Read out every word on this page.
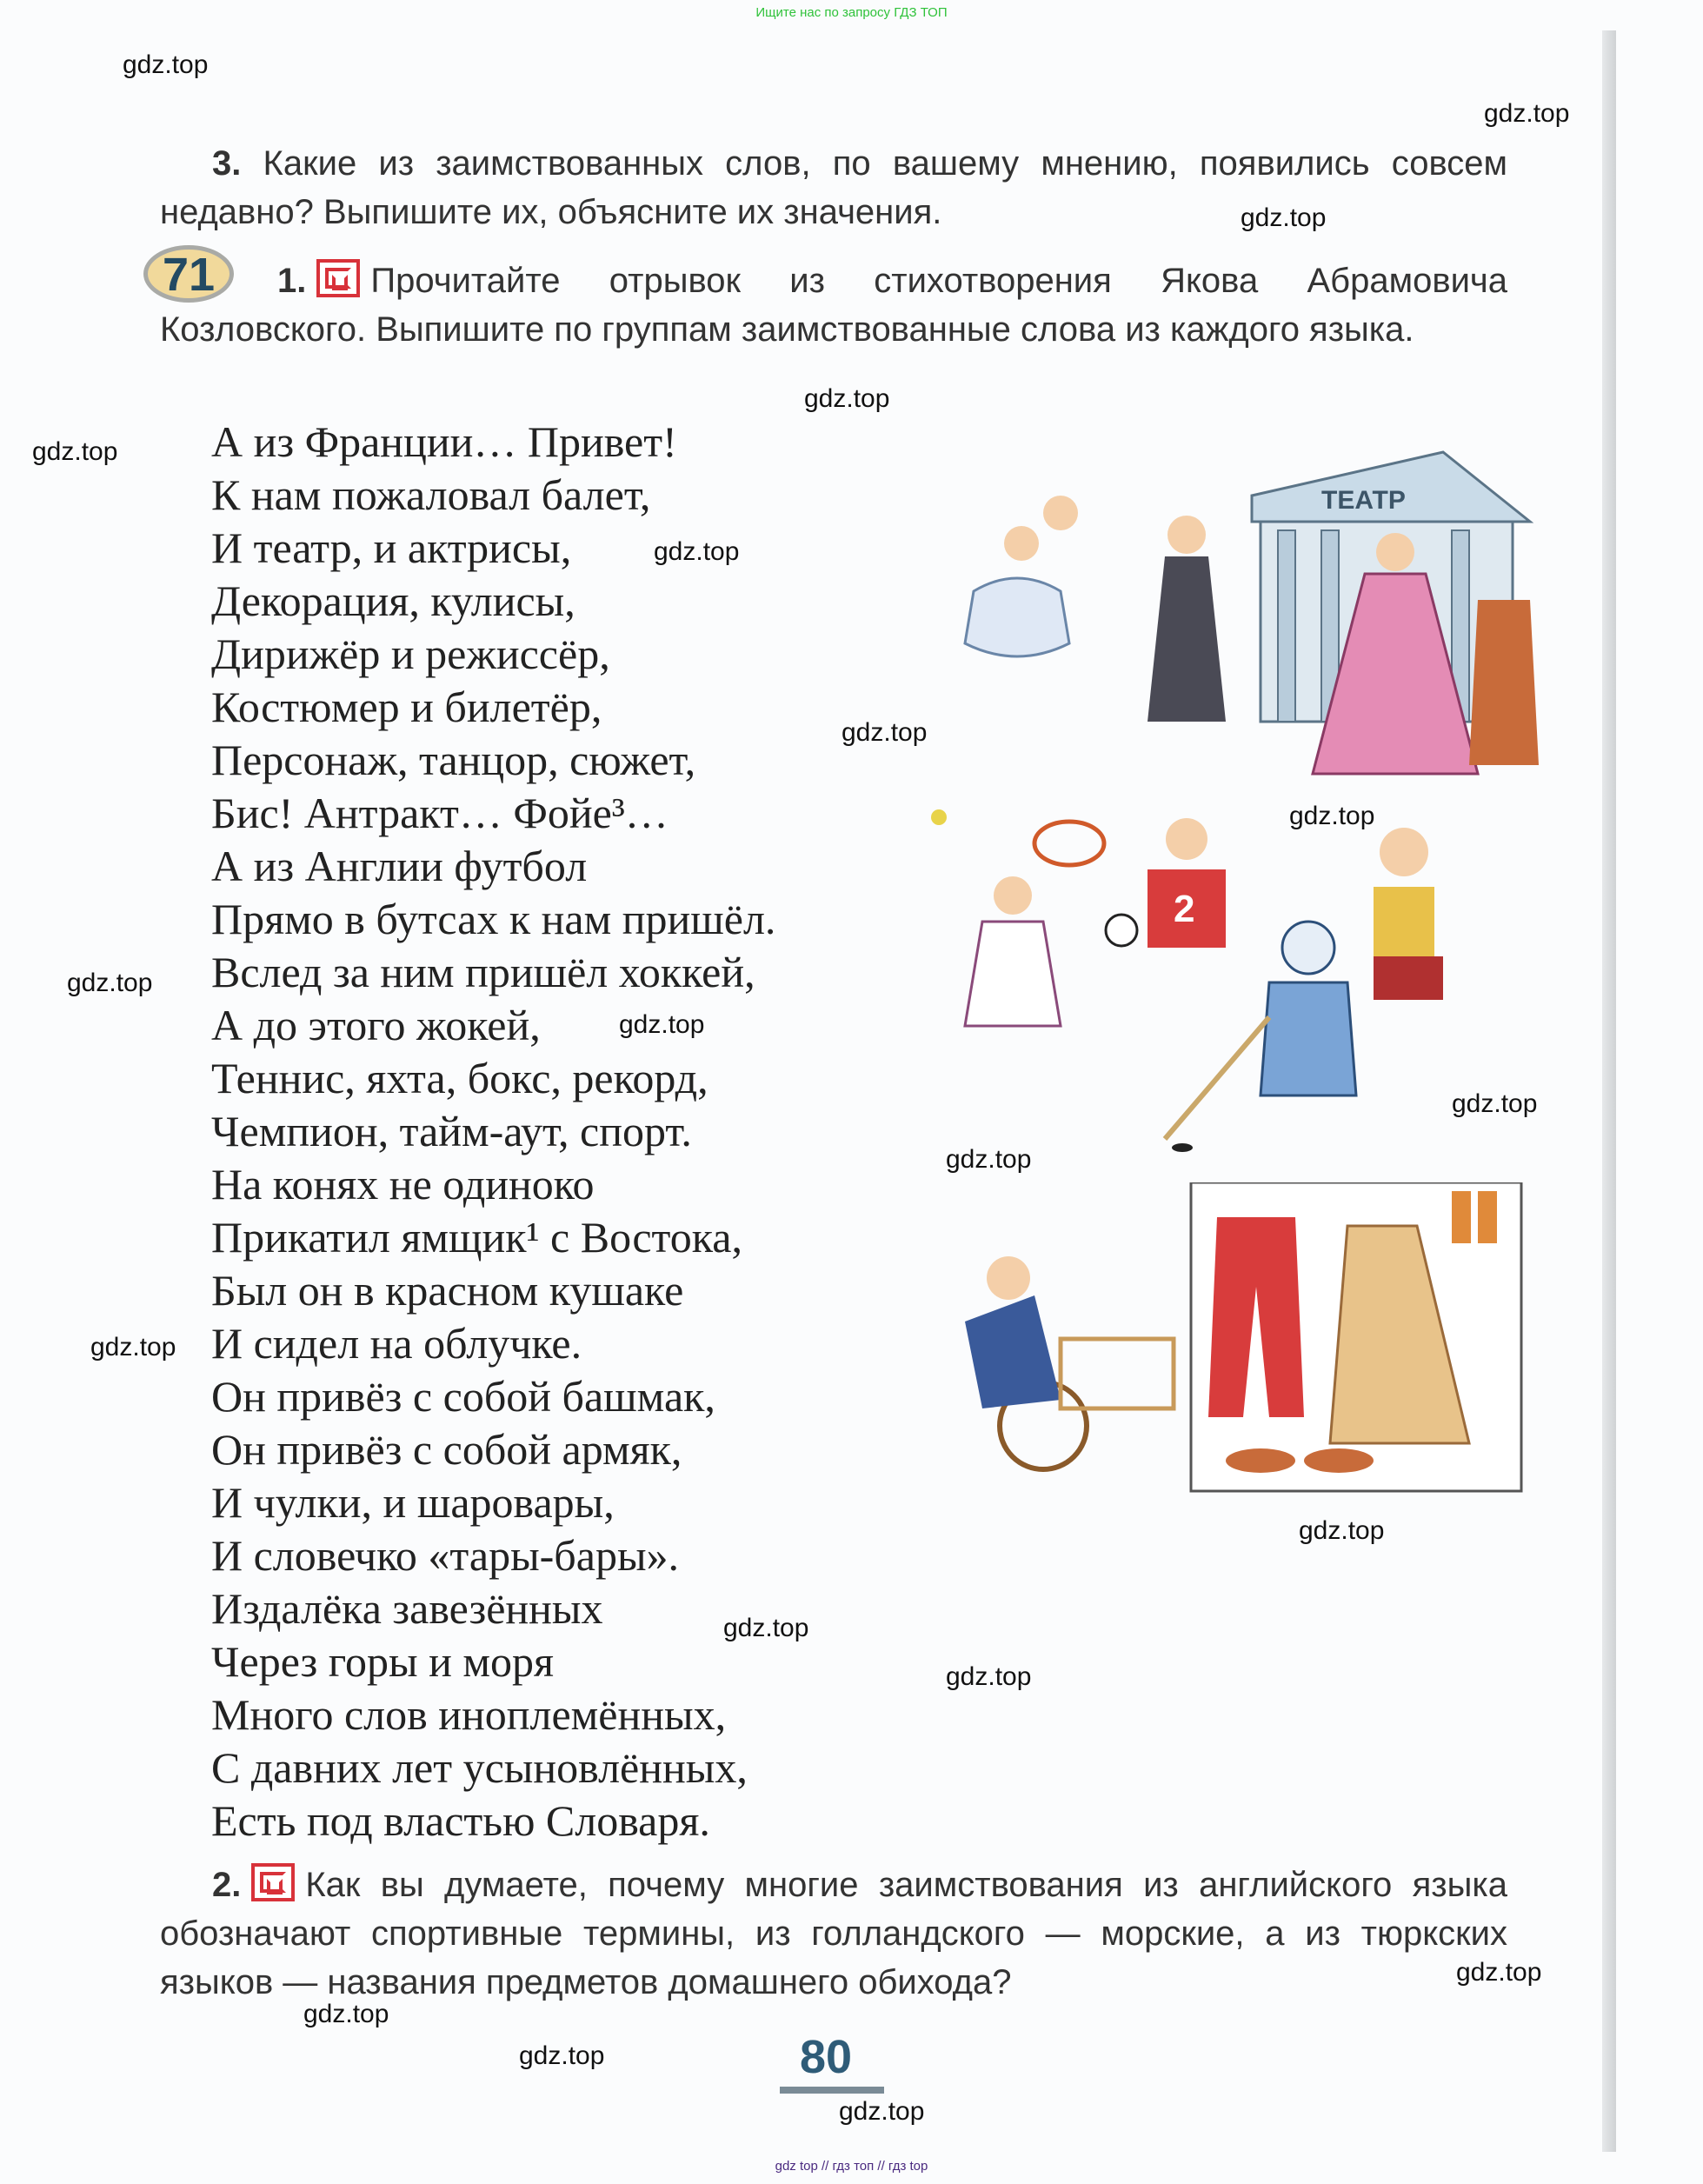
Ищите нас по запросу ГДЗ ТОП
3. Какие из заимствованных слов, по вашему мнению, появились совсем недавно? Выпишите их, объясните их значения.
71	1. Прочитайте отрывок из стихотворения Якова Абрамовича Козловского. Выпишите по группам заимствованные слова из каждого языка.
А из Франции… Привет!
К нам пожаловал балет,
И театр, и актрисы,
Декорация, кулисы,
Дирижёр и режиссёр,
Костюмер и билетёр,
Персонаж, танцор, сюжет,
Бис! Антракт… Фойе³…
А из Англии футбол
Прямо в бутсах к нам пришёл.
Вслед за ним пришёл хоккей,
А до этого жокей,
Теннис, яхта, бокс, рекорд,
Чемпион, тайм-аут, спорт.
На конях не одиноко
Прикатил ямщик¹ с Востока,
Был он в красном кушаке
И сидел на облучке.
Он привёз с собой башмак,
Он привёз с собой армяк,
И чулки, и шаровары,
И словечко «тары-бары».
Издалёка завезённых
Через горы и моря
Много слов иноплемённых,
С давних лет усыновлённых,
Есть под властью Словаря.
ТЕАТР
2
2. Как вы думаете, почему многие заимствования из английского языка обозначают спортивные термины, из голландского — морские, а из тюркских языков — названия предметов домашнего обихода?
80
gdz.top
gdz.top
gdz.top
gdz.top
gdz.top
gdz.top
gdz.top
gdz.top
gdz.top
gdz.top
gdz.top
gdz.top
gdz.top
gdz.top
gdz.top
gdz.top
gdz.top
gdz.top
gdz.top
gdz.top
gdz top // гдз топ // гдз top
